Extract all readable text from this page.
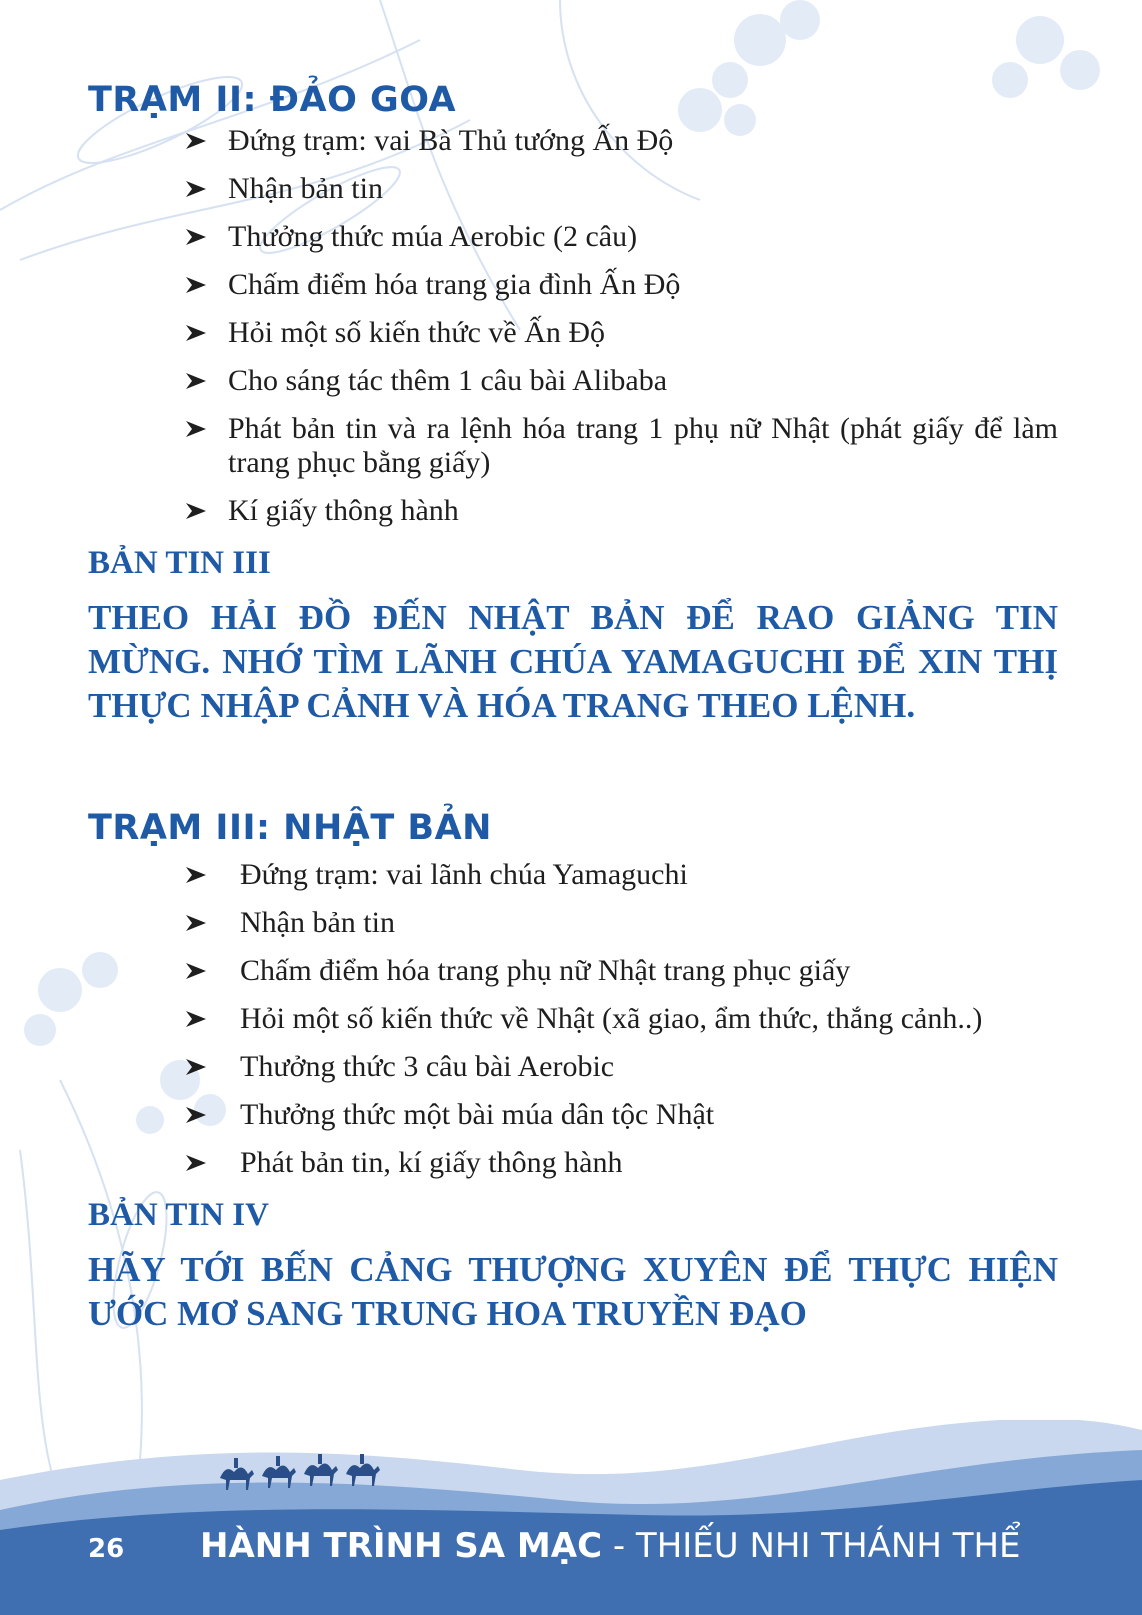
TRẠM II: ĐẢO GOA
Đứng trạm: vai Bà Thủ tướng Ấn Độ
Nhận bản tin
Thưởng thức múa Aerobic (2 câu)
Chấm điểm hóa trang gia đình Ấn Độ
Hỏi một số kiến thức về Ấn Độ
Cho sáng tác thêm 1 câu bài Alibaba
Phát bản tin và ra lệnh hóa trang 1 phụ nữ Nhật (phát giấy để làm trang phục bằng giấy)
Kí giấy thông hành
BẢN TIN III

THEO HẢI ĐỒ ĐẾN NHẬT BẢN ĐỂ RAO GIẢNG TIN MỪNG. NHỚ TÌM LÃNH CHÚA YAMAGUCHI ĐỂ XIN THỊ THỰC NHẬP CẢNH VÀ HÓA TRANG THEO LỆNH.

TRẠM III: NHẬT BẢN
Đứng trạm: vai lãnh chúa Yamaguchi
Nhận bản tin
Chấm điểm hóa trang phụ nữ Nhật trang phục giấy
Hỏi một số kiến thức về Nhật (xã giao, ẩm thức, thắng cảnh..)
Thưởng thức 3 câu bài Aerobic
Thưởng thức một bài múa dân tộc Nhật
Phát bản tin, kí giấy thông hành
BẢN TIN IV

HÃY TỚI BẾN CẢNG THƯỢNG XUYÊN ĐỂ THỰC HIỆN ƯỚC MƠ SANG TRUNG HOA TRUYỀN ĐẠO

26 HÀNH TRÌNH SA MẠC - THIẾU NHI THÁNH THỂ
